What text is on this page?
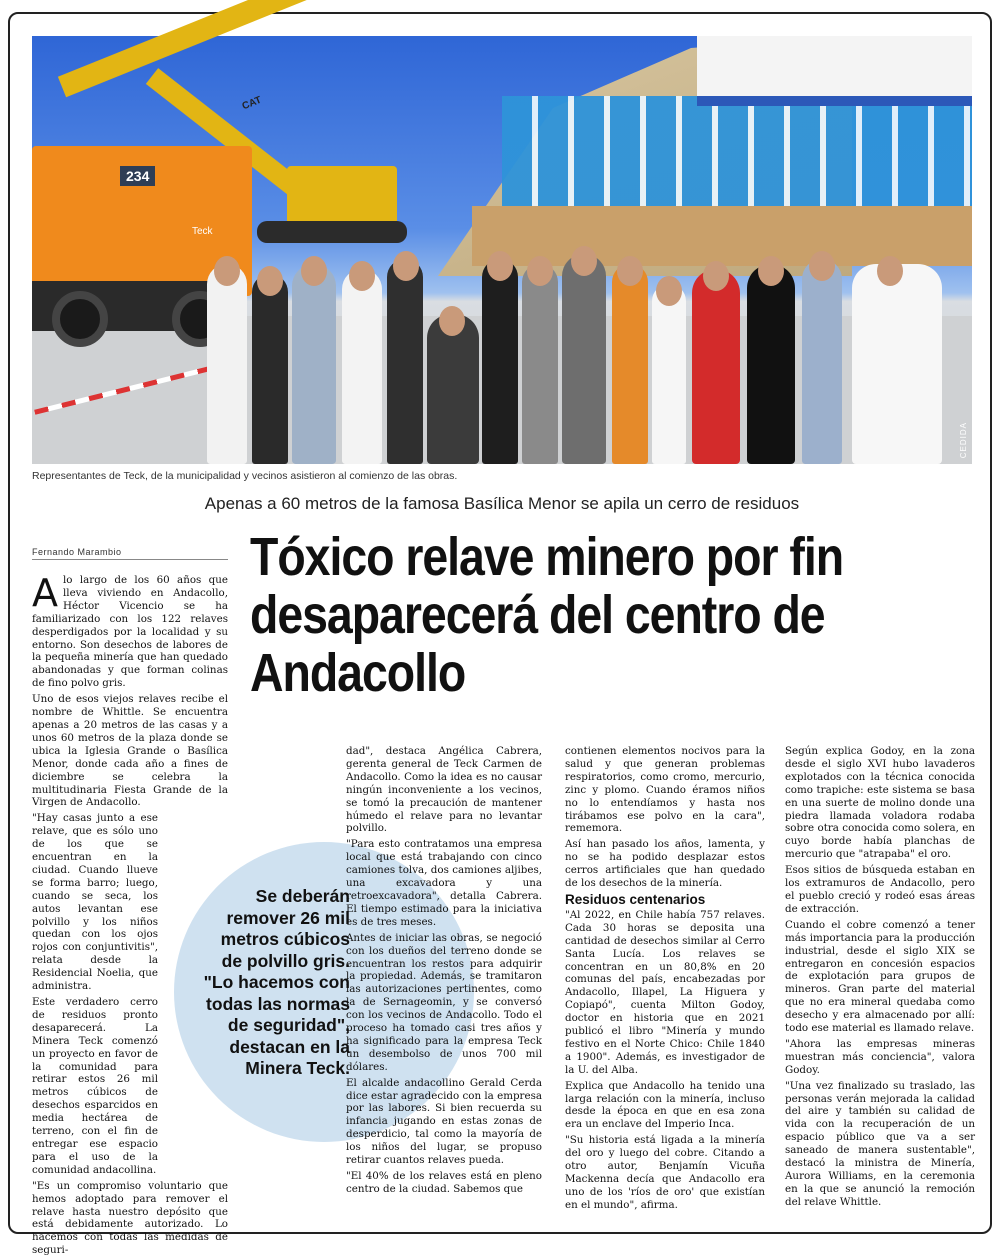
234
Teck
CAT
CEDIDA
Representantes de Teck, de la municipalidad y vecinos asistieron al comienzo de las obras.
Apenas a 60 metros de la famosa Basílica Menor se apila un cerro de residuos
Fernando Marambio	Tóxico relave minero por fin desaparecerá del centro de Andacollo

Alo largo de los 60 años que lleva viviendo en Andacollo, Héctor Vicencio se ha familiarizado con los 122 relaves desperdigados por la localidad y su entorno. Son desechos de labores de la pequeña minería que han quedado abandonadas y que forman colinas de fino polvo gris.

Uno de esos viejos relaves recibe el nombre de Whittle. Se encuentra apenas a 20 metros de las casas y a unos 60 metros de la plaza donde se ubica la Iglesia Grande o Basílica Menor, donde cada año a fines de diciembre se celebra la multitudinaria Fiesta Grande de la Virgen de Andacollo.

"Hay casas junto a ese relave, que es sólo uno de los que se encuentran en la ciudad. Cuando llueve se forma barro; luego, cuando se seca, los autos levantan ese polvillo y los niños quedan con los ojos rojos con conjuntivitis", relata desde la Residencial Noelia, que administra.

Este verdadero cerro de residuos pronto desaparecerá. La Minera Teck comenzó un proyecto en favor de la comunidad para retirar estos 26 mil metros cúbicos de desechos esparcidos en media hectárea de terreno, con el fin de entregar ese espacio para el uso de la comunidad andacollina.

"Es un compromiso voluntario que hemos adoptado para remover el relave hasta nuestro depósito que está debidamente autorizado. Lo hacemos con todas las medidas de seguri-

dad", destaca Angélica Cabrera, gerenta general de Teck Carmen de Andacollo. Como la idea es no causar ningún inconveniente a los vecinos, se tomó la precaución de mantener húmedo el relave para no levantar polvillo.

"Para esto contratamos una empresa local que está trabajando con cinco camiones tolva, dos camiones aljibes, una excavadora y una retroexcavadora", detalla Cabrera. El tiempo estimado para la iniciativa es de tres meses.

Antes de iniciar las obras, se negoció con los dueños del terreno donde se encuentran los restos para adquirir la propiedad. Además, se tramitaron las autorizaciones pertinentes, como la de Sernageomin, y se conversó con los vecinos de Andacollo. Todo el proceso ha tomado casi tres años y ha significado para la empresa Teck un desembolso de unos 700 mil dólares.

El alcalde andacollino Gerald Cerda dice estar agradecido con la empresa por las labores. Si bien recuerda su infancia jugando en estas zonas de desperdicio, tal como la mayoría de los niños del lugar, se propuso retirar cuantos relaves pueda.

"El 40% de los relaves está en pleno centro de la ciudad. Sabemos que

contienen elementos nocivos para la salud y que generan problemas respiratorios, como cromo, mercurio, zinc y plomo. Cuando éramos niños no lo entendíamos y hasta nos tirábamos ese polvo en la cara", rememora.

Así han pasado los años, lamenta, y no se ha podido desplazar estos cerros artificiales que han quedado de los desechos de la minería.

Residuos centenarios

"Al 2022, en Chile había 757 relaves. Cada 30 horas se deposita una cantidad de desechos similar al Cerro Santa Lucía. Los relaves se concentran en un 80,8% en 20 comunas del país, encabezadas por Andacollo, Illapel, La Higuera y Copiapó", cuenta Milton Godoy, doctor en historia que en 2021 publicó el libro "Minería y mundo festivo en el Norte Chico: Chile 1840 a 1900". Además, es investigador de la U. del Alba.

Explica que Andacollo ha tenido una larga relación con la minería, incluso desde la época en que en esa zona era un enclave del Imperio Inca.

"Su historia está ligada a la minería del oro y luego del cobre. Citando a otro autor, Benjamín Vicuña Mackenna decía que Andacollo era uno de los 'ríos de oro' que existían en el mundo", afirma.

Según explica Godoy, en la zona desde el siglo XVI hubo lavaderos explotados con la técnica conocida como trapiche: este sistema se basa en una suerte de molino donde una piedra llamada voladora rodaba sobre otra conocida como solera, en cuyo borde había planchas de mercurio que "atrapaba" el oro.

Esos sitios de búsqueda estaban en los extramuros de Andacollo, pero el pueblo creció y rodeó esas áreas de extracción.

Cuando el cobre comenzó a tener más importancia para la producción industrial, desde el siglo XIX se entregaron en concesión espacios de explotación para grupos de mineros. Gran parte del material que no era mineral quedaba como desecho y era almacenado por allí: todo ese material es llamado relave.

"Ahora las empresas mineras muestran más conciencia", valora Godoy.

"Una vez finalizado su traslado, las personas verán mejorada la calidad del aire y también su calidad de vida con la recuperación de un espacio público que va a ser saneado de manera sustentable", destacó la ministra de Minería, Aurora Williams, en la ceremonia en la que se anunció la remoción del relave Whittle.

Se deberán remover 26 mil metros cúbicos de polvillo gris. "Lo hacemos con todas las normas de seguridad", destacan en la Minera Teck.
